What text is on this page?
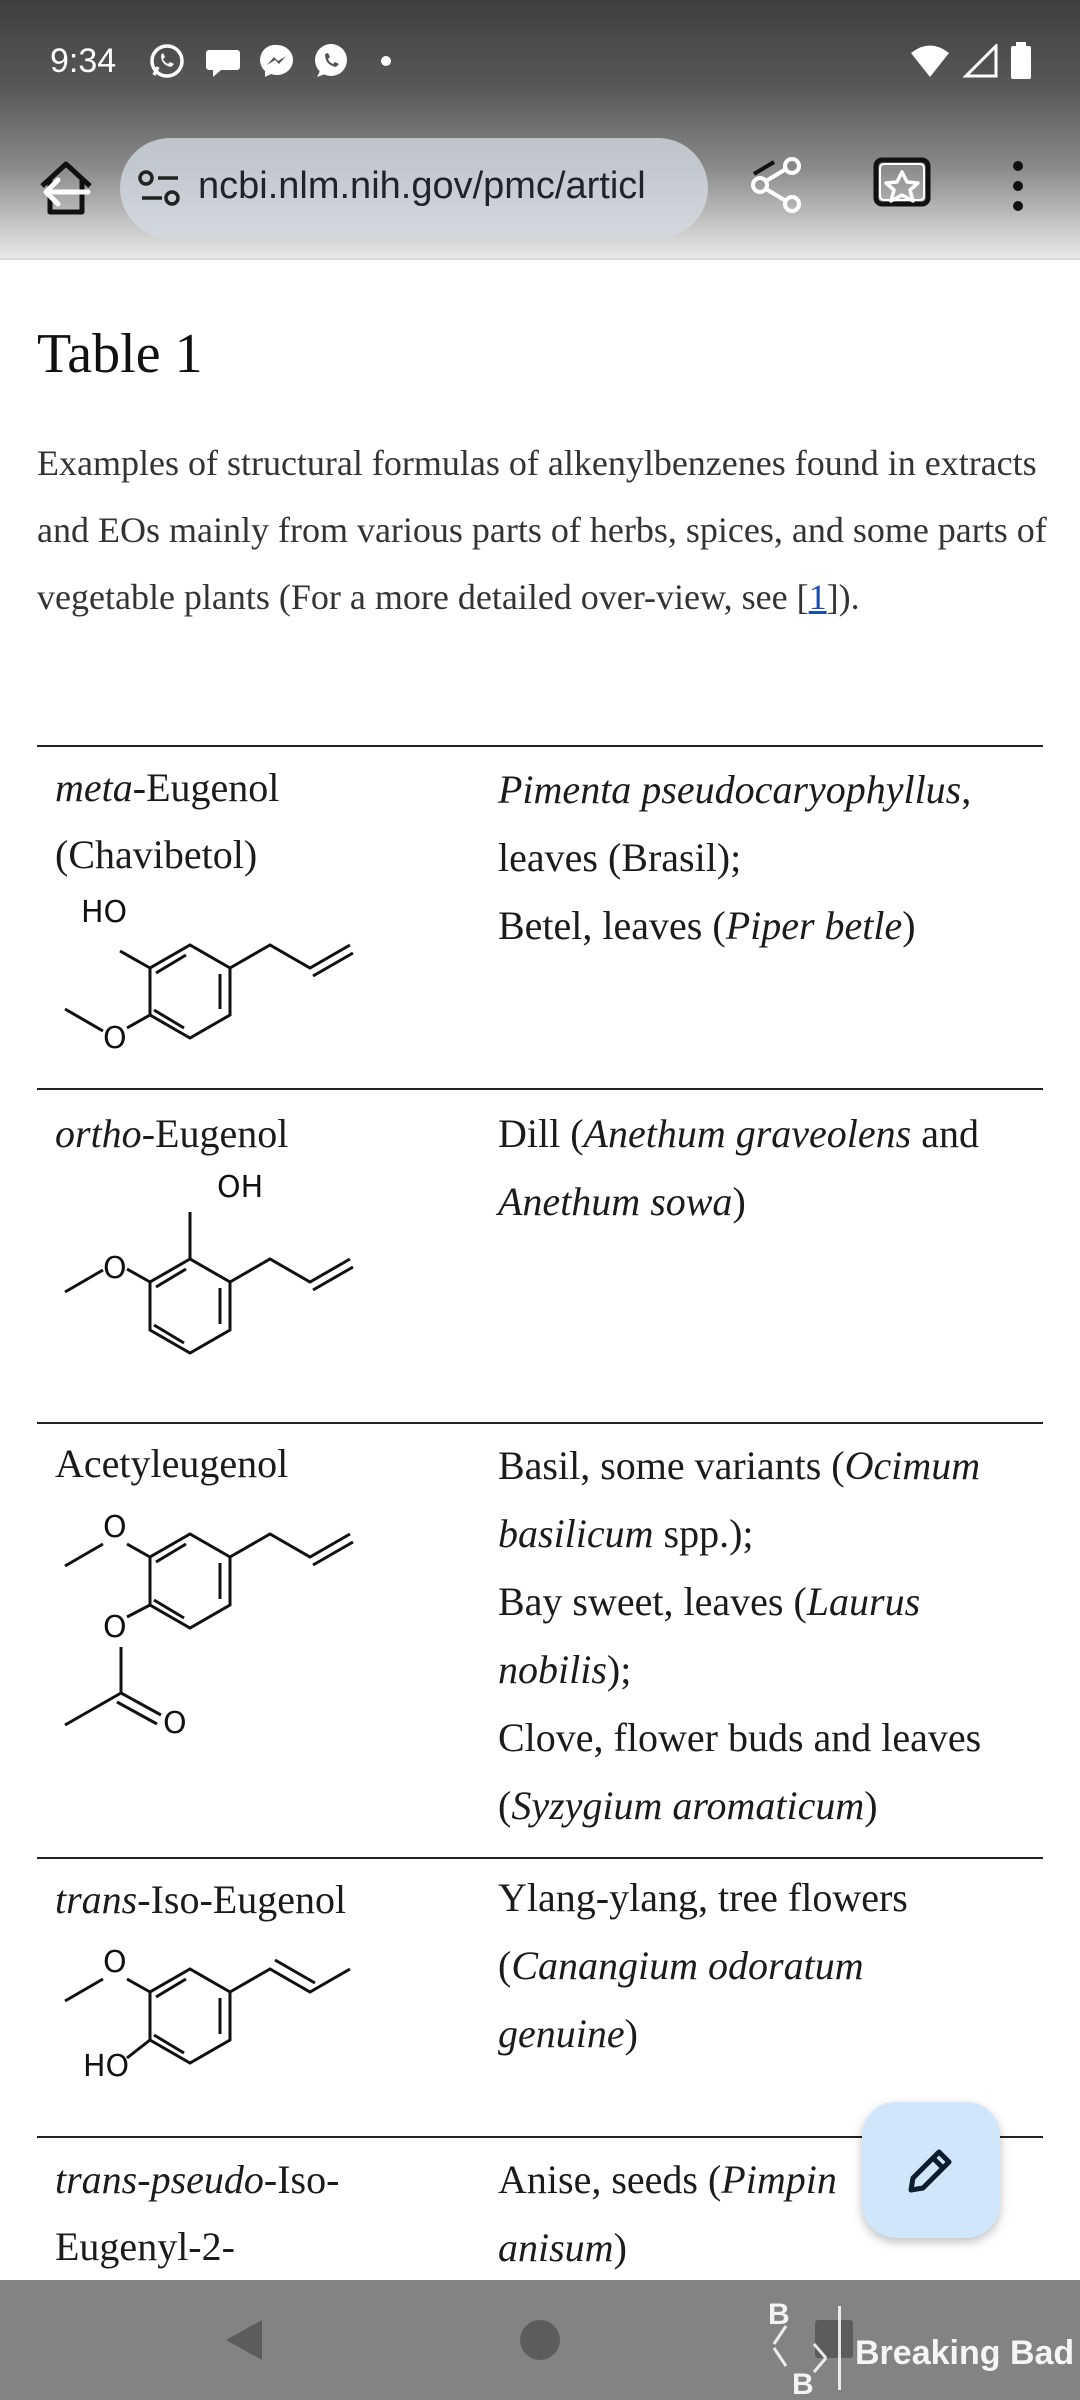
9:34
ncbi.nlm.nih.gov/pmc/articl
Table 1
Examples of structural formulas of alkenylbenzenes found in extracts and EOs mainly from various parts of herbs, spices, and some parts of vegetable plants (For a more detailed over-view, see [1]).
meta-Eugenol
(Chavibetol)
HO
O

Pimenta pseudocaryophyllus,

leaves (Brasil);

Betel, leaves (Piper betle)

ortho-Eugenol
OH
O

Dill (Anethum graveolens and

Anethum sowa)

Acetyleugenol
O
O
O

Basil, some variants (Ocimum

basilicum spp.);

Bay sweet, leaves (Laurus

nobilis);

Clove, flower buds and leaves

(Syzygium aromaticum)

trans-Iso-Eugenol
O
HO

Ylang-ylang, tree flowers

(Canangium odoratum

genuine)

trans-pseudo-Iso-
Eugenyl-2-

Anise, seeds (Pimpin

anisum)

B
B
Breaking Bad
